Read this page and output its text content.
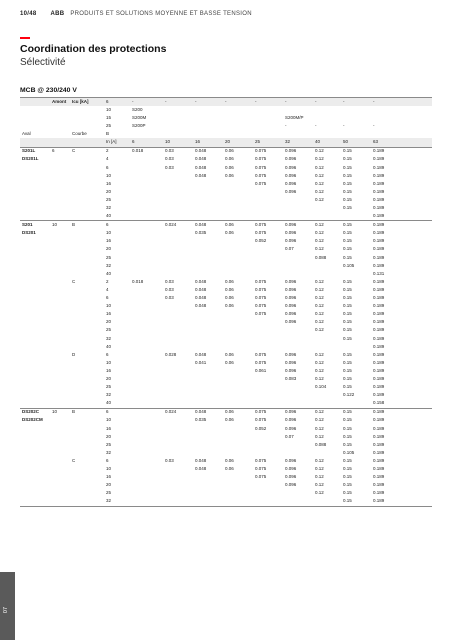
10/48 ABB PRODUITS ET SOLUTIONS MOYENNE ET BASSE TENSION
Coordination des protections
Sélectivité
MCB @ 230/240 V
	Amont	Icu [kA]	6	-	-	-	-	-	-	-	-	-
			10	S200								
			15	S200M					S200M/P			
			25	S200P					-	-	-	-
Aval		Courbe	B									
			In [A]	6	10	16	20	25	32	40	50	63
S201L	6	C	2	0.018	0.03	0.048	0.06	0.075	0.096	0.12	0.15	0.189
DS201L			4		0.03	0.048	0.06	0.075	0.096	0.12	0.15	0.189
			6		0.03	0.048	0.06	0.075	0.096	0.12	0.15	0.189
			10			0.048	0.06	0.075	0.096	0.12	0.15	0.189
			16					0.075	0.096	0.12	0.15	0.189
			20						0.096	0.12	0.15	0.189
			25							0.12	0.15	0.189
			32								0.15	0.189
			40									0.189
S201	10	B	6		0.024	0.048	0.06	0.075	0.096	0.12	0.15	0.189
DS201			10			0.035	0.06	0.075	0.096	0.12	0.15	0.189
			16					0.052	0.096	0.12	0.15	0.189
			20						0.07	0.12	0.15	0.189
			25							0.088	0.15	0.189
			32								0.105	0.189
			40									0.131
		C	2	0.018	0.03	0.048	0.06	0.075	0.096	0.12	0.15	0.189
			4		0.03	0.048	0.06	0.075	0.096	0.12	0.15	0.189
			6		0.03	0.048	0.06	0.075	0.096	0.12	0.15	0.189
			10			0.048	0.06	0.075	0.096	0.12	0.15	0.189
			16					0.075	0.096	0.12	0.15	0.189
			20						0.096	0.12	0.15	0.189
			25							0.12	0.15	0.189
			32								0.15	0.189
			40									0.189
		D	6		0.028	0.048	0.06	0.075	0.096	0.12	0.15	0.189
			10			0.041	0.06	0.075	0.096	0.12	0.15	0.189
			16					0.061	0.096	0.12	0.15	0.189
			20						0.083	0.12	0.15	0.189
			25							0.104	0.15	0.189
			32								0.122	0.189
			40									0.158
DS202C	10	B	6		0.024	0.048	0.06	0.075	0.096	0.12	0.15	0.189
DS202CM			10			0.035	0.06	0.075	0.096	0.12	0.15	0.189
			16					0.052	0.096	0.12	0.15	0.189
			20						0.07	0.12	0.15	0.189
			25							0.088	0.15	0.189
			32								0.105	0.189
		C	6		0.03	0.048	0.06	0.075	0.096	0.12	0.15	0.189
			10			0.048	0.06	0.075	0.096	0.12	0.15	0.189
			16					0.075	0.096	0.12	0.15	0.189
			20						0.096	0.12	0.15	0.189
			25							0.12	0.15	0.189
			32								0.15	0.189
07
